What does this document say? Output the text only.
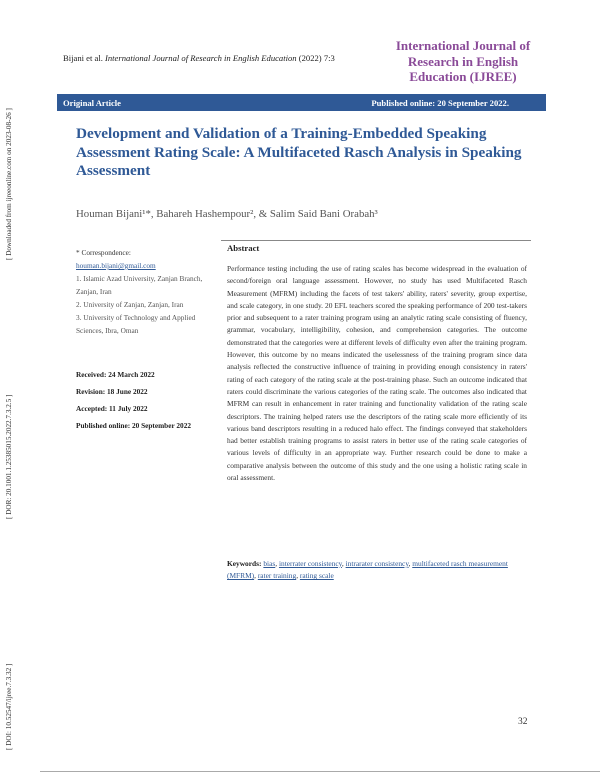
[ Downloaded from ijreeonline.com on 2023-08-26 ]
[ DOR: 20.1001.1.25385015.2022.7.3.2.5 ]
[ DOI: 10.52547/ijree.7.3.32 ]
Bijani et al. International Journal of Research in English Education (2022) 7:3
International Journal of
Research in English
Education (IJREE)
Original Article	Published online: 20 September 2022.
Development and Validation of a Training-Embedded Speaking Assessment Rating Scale: A Multifaceted Rasch Analysis in Speaking Assessment
Houman Bijani¹*, Bahareh Hashempour², & Salim Said Bani Orabah³
* Correspondence:
houman.bijani@gmail.com
1. Islamic Azad University, Zanjan Branch, Zanjan, Iran
2. University of Zanjan, Zanjan, Iran
3. University of Technology and Applied Sciences, Ibra, Oman
Received: 24 March 2022
Revision: 18 June 2022
Accepted: 11 July 2022
Published online: 20 September 2022
Abstract

Performance testing including the use of rating scales has become widespread in the evaluation of second/foreign oral language assessment. However, no study has used Multifaceted Rasch Measurement (MFRM) including the facets of test takers' ability, raters' severity, group expertise, and scale category, in one study. 20 EFL teachers scored the speaking performance of 200 test-takers prior and subsequent to a rater training program using an analytic rating scale consisting of fluency, grammar, vocabulary, intelligibility, cohesion, and comprehension categories. The outcome demonstrated that the categories were at different levels of difficulty even after the training program. However, this outcome by no means indicated the uselessness of the training program since data analysis reflected the constructive influence of training in providing enough consistency in raters' rating of each category of the rating scale at the post-training phase. Such an outcome indicated that raters could discriminate the various categories of the rating scale. The outcomes also indicated that MFRM can result in enhancement in rater training and functionality validation of the rating scale descriptors. The training helped raters use the descriptors of the rating scale more efficiently of its various band descriptors resulting in a reduced halo effect. The findings conveyed that stakeholders had better establish training programs to assist raters in better use of the rating scale categories of various levels of difficulty in an appropriate way. Further research could be done to make a comparative analysis between the outcome of this study and the one using a holistic rating scale in oral assessment.

Keywords: bias, interrater consistency, intrarater consistency, multifaceted rasch measurement (MFRM), rater training, rating scale
32
